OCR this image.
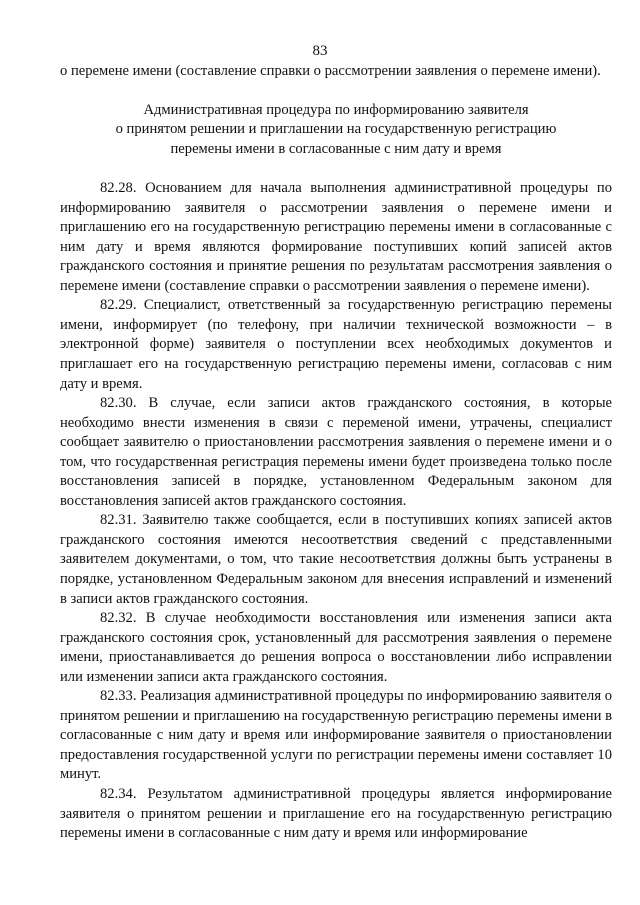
83

о перемене имени (составление справки о рассмотрении заявления о перемене имени).

Административная процедура по информированию заявителя
о принятом решении и приглашении на государственную регистрацию
перемены имени в согласованные с ним дату и время

82.28. Основанием для начала выполнения административной процедуры по информированию заявителя о рассмотрении заявления о перемене имени и приглашению его на государственную регистрацию перемены имени в согласованные с ним дату и время являются формирование поступивших копий записей актов гражданского состояния и принятие решения по результатам рассмотрения заявления о перемене имени (составление справки о рассмотрении заявления о перемене имени).

82.29. Специалист, ответственный за государственную регистрацию перемены имени, информирует (по телефону, при наличии технической возможности – в электронной форме) заявителя о поступлении всех необходимых документов и приглашает его на государственную регистрацию перемены имени, согласовав с ним дату и время.

82.30. В случае, если записи актов гражданского состояния, в которые необходимо внести изменения в связи с переменой имени, утрачены, специалист сообщает заявителю о приостановлении рассмотрения заявления о перемене имени и о том, что государственная регистрация перемены имени будет произведена только после восстановления записей в порядке, установленном Федеральным законом для восстановления записей актов гражданского состояния.

82.31. Заявителю также сообщается, если в поступивших копиях записей актов гражданского состояния имеются несоответствия сведений с представленными заявителем документами, о том, что такие несоответствия должны быть устранены в порядке, установленном Федеральным законом для внесения исправлений и изменений в записи актов гражданского состояния.

82.32. В случае необходимости восстановления или изменения записи акта гражданского состояния срок, установленный для рассмотрения заявления о перемене имени, приостанавливается до решения вопроса о восстановлении либо исправлении или изменении записи акта гражданского состояния.

82.33. Реализация административной процедуры по информированию заявителя о принятом решении и приглашению на государственную регистрацию перемены имени в согласованные с ним дату и время или информирование заявителя о приостановлении предоставления государственной услуги по регистрации перемены имени составляет 10 минут.

82.34. Результатом административной процедуры является информирование заявителя о принятом решении и приглашение его на государственную регистрацию перемены имени в согласованные с ним дату и время или информирование
